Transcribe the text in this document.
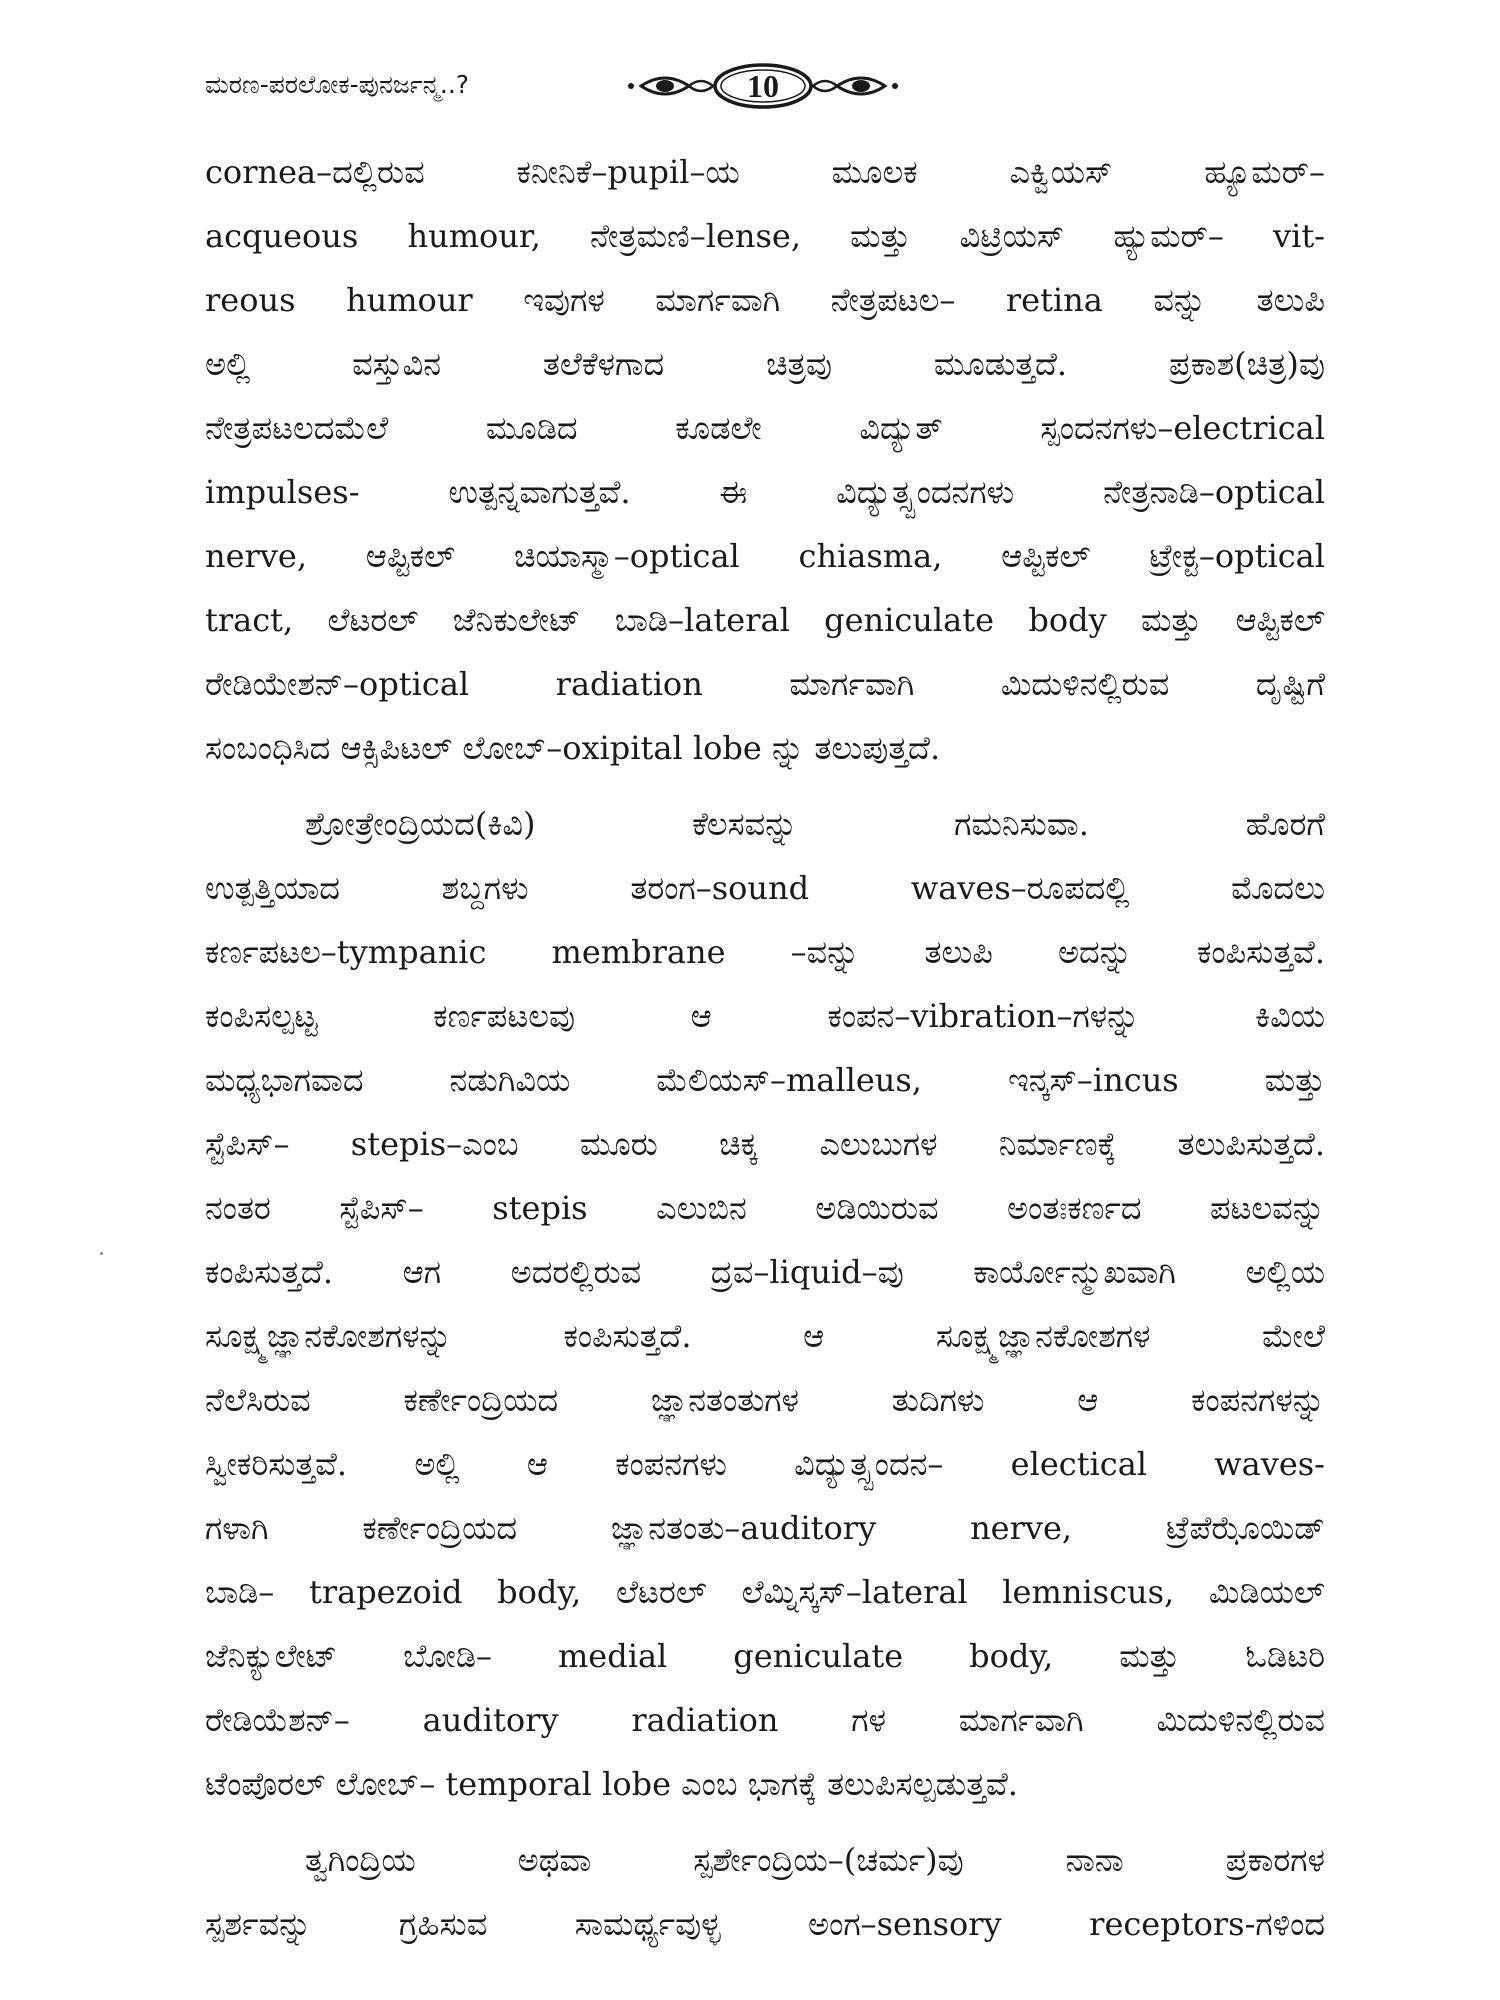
ಮರಣ-ಪರಲೋಕ-ಪುನರ್ಜನ್ಮ..?	10
cornea–ದಲ್ಲಿರುವ ಕನೀನಿಕೆ–pupil–ಯ ಮೂಲಕ ಎಕ್ವಿಯಸ್ ಹ್ಯೂಮರ್–
acqueous humour, ನೇತ್ರಮಣಿ–lense, ಮತ್ತು ವಿಟ್ರಿಯಸ್ ಹ್ಯುಮರ್– vit-
reous humour ಇವುಗಳ ಮಾರ್ಗವಾಗಿ ನೇತ್ರಪಟಲ– retina ವನ್ನು ತಲುಪಿ
ಅಲ್ಲಿ ವಸ್ತುವಿನ ತಲೆಕೆಳಗಾದ ಚಿತ್ರವು ಮೂಡುತ್ತದೆ. ಪ್ರಕಾಶ(ಚಿತ್ರ)ವು
ನೇತ್ರಪಟಲದಮೆಲೆ ಮೂಡಿದ ಕೂಡಲೇ ವಿದ್ಯುತ್ ಸ್ಪಂದನಗಳು–electrical
impulses- ಉತ್ಪನ್ನವಾಗುತ್ತವೆ. ಈ ವಿದ್ಯುತ್ಸ್ಪಂದನಗಳು ನೇತ್ರನಾಡಿ–optical
nerve, ಆಪ್ಟಿಕಲ್ ಚಿಯಾಸ್ಮಾ–optical chiasma, ಆಪ್ಟಿಕಲ್ ಟ್ರೇಕ್ಟ–optical
tract, ಲೆಟರಲ್ ಜೆನಿಕುಲೇಟ್ ಬಾಡಿ–lateral geniculate body ಮತ್ತು ಆಪ್ಟಿಕಲ್
ರೇಡಿಯೇಶನ್–optical radiation ಮಾರ್ಗವಾಗಿ ಮಿದುಳಿನಲ್ಲಿರುವ ದೃಷ್ಟಿಗೆ
ಸಂಬಂಧಿಸಿದ ಆಕ್ಸಿಪಿಟಲ್ ಲೋಬ್–oxipital lobe ನ್ನು ತಲುಪುತ್ತದೆ.
ಶ್ರೋತ್ರೇಂದ್ರಿಯದ(ಕಿವಿ) ಕೆಲಸವನ್ನು ಗಮನಿಸುವಾ. ಹೊರಗೆ
ಉತ್ಪತ್ತಿಯಾದ ಶಬ್ದಗಳು ತರಂಗ–sound waves–ರೂಪದಲ್ಲಿ ಮೊದಲು
ಕರ್ಣಪಟಲ–tympanic membrane –ವನ್ನು ತಲುಪಿ ಅದನ್ನು ಕಂಪಿಸುತ್ತವೆ.
ಕಂಪಿಸಲ್ಪಟ್ಟ ಕರ್ಣಪಟಲವು ಆ ಕಂಪನ–vibration–ಗಳನ್ನು ಕಿವಿಯ
ಮಧ್ಯಭಾಗವಾದ ನಡುಗಿವಿಯ ಮೆಲಿಯಸ್–malleus, ಇನ್ಕಸ್–incus ಮತ್ತು
ಸ್ಟೆಪಿಸ್– stepis–ಎಂಬ ಮೂರು ಚಿಕ್ಕ ಎಲುಬುಗಳ ನಿರ್ಮಾಣಕ್ಕೆ ತಲುಪಿಸುತ್ತದೆ.
ನಂತರ ಸ್ಟೆಪಿಸ್– stepis ಎಲುಬಿನ ಅಡಿಯಿರುವ ಅಂತಃಕರ್ಣದ ಪಟಲವನ್ನು
ಕಂಪಿಸುತ್ತದೆ. ಆಗ ಅದರಲ್ಲಿರುವ ದ್ರವ–liquid–ವು ಕಾರ್ಯೋನ್ಮುಖವಾಗಿ ಅಲ್ಲಿಯ
ಸೂಕ್ಷ್ಮಜ್ಞಾನಕೋಶಗಳನ್ನು ಕಂಪಿಸುತ್ತದೆ. ಆ ಸೂಕ್ಷ್ಮಜ್ಞಾನಕೋಶಗಳ ಮೇಲೆ
ನೆಲೆಸಿರುವ ಕರ್ಣೇಂದ್ರಿಯದ ಜ್ಞಾನತಂತುಗಳ ತುದಿಗಳು ಆ ಕಂಪನಗಳನ್ನು
ಸ್ವೀಕರಿಸುತ್ತವೆ. ಅಲ್ಲಿ ಆ ಕಂಪನಗಳು ವಿದ್ಯುತ್ಸ್ಪಂದನ– electical waves-
ಗಳಾಗಿ ಕರ್ಣೇಂದ್ರಿಯದ ಜ್ಞಾನತಂತು–auditory nerve, ಟ್ರೆಪೆಝೊಯಿಡ್
ಬಾಡಿ– trapezoid body, ಲೆಟರಲ್ ಲೆಮ್ನಿಸ್ಕಸ್–lateral lemniscus, ಮಿಡಿಯಲ್
ಜೆನಿಕ್ಯುಲೇಟ್ ಬೋಡಿ– medial geniculate body, ಮತ್ತು ಓಡಿಟರಿ
ರೇಡಿಯೆಶನ್– auditory radiation ಗಳ ಮಾರ್ಗವಾಗಿ ಮಿದುಳಿನಲ್ಲಿರುವ
ಟೆಂಪೊರಲ್ ಲೋಬ್– temporal lobe ಎಂಬ ಭಾಗಕ್ಕೆ ತಲುಪಿಸಲ್ಪಡುತ್ತವೆ.
ತ್ವಗಿಂದ್ರಿಯ ಅಥವಾ ಸ್ಪರ್ಶೇಂದ್ರಿಯ–(ಚರ್ಮ)ವು ನಾನಾ ಪ್ರಕಾರಗಳ
ಸ್ಪರ್ಶವನ್ನು ಗ್ರಹಿಸುವ ಸಾಮರ್ಥ್ಯವುಳ್ಳ ಅಂಗ–sensory receptors-ಗಳಿಂದ
